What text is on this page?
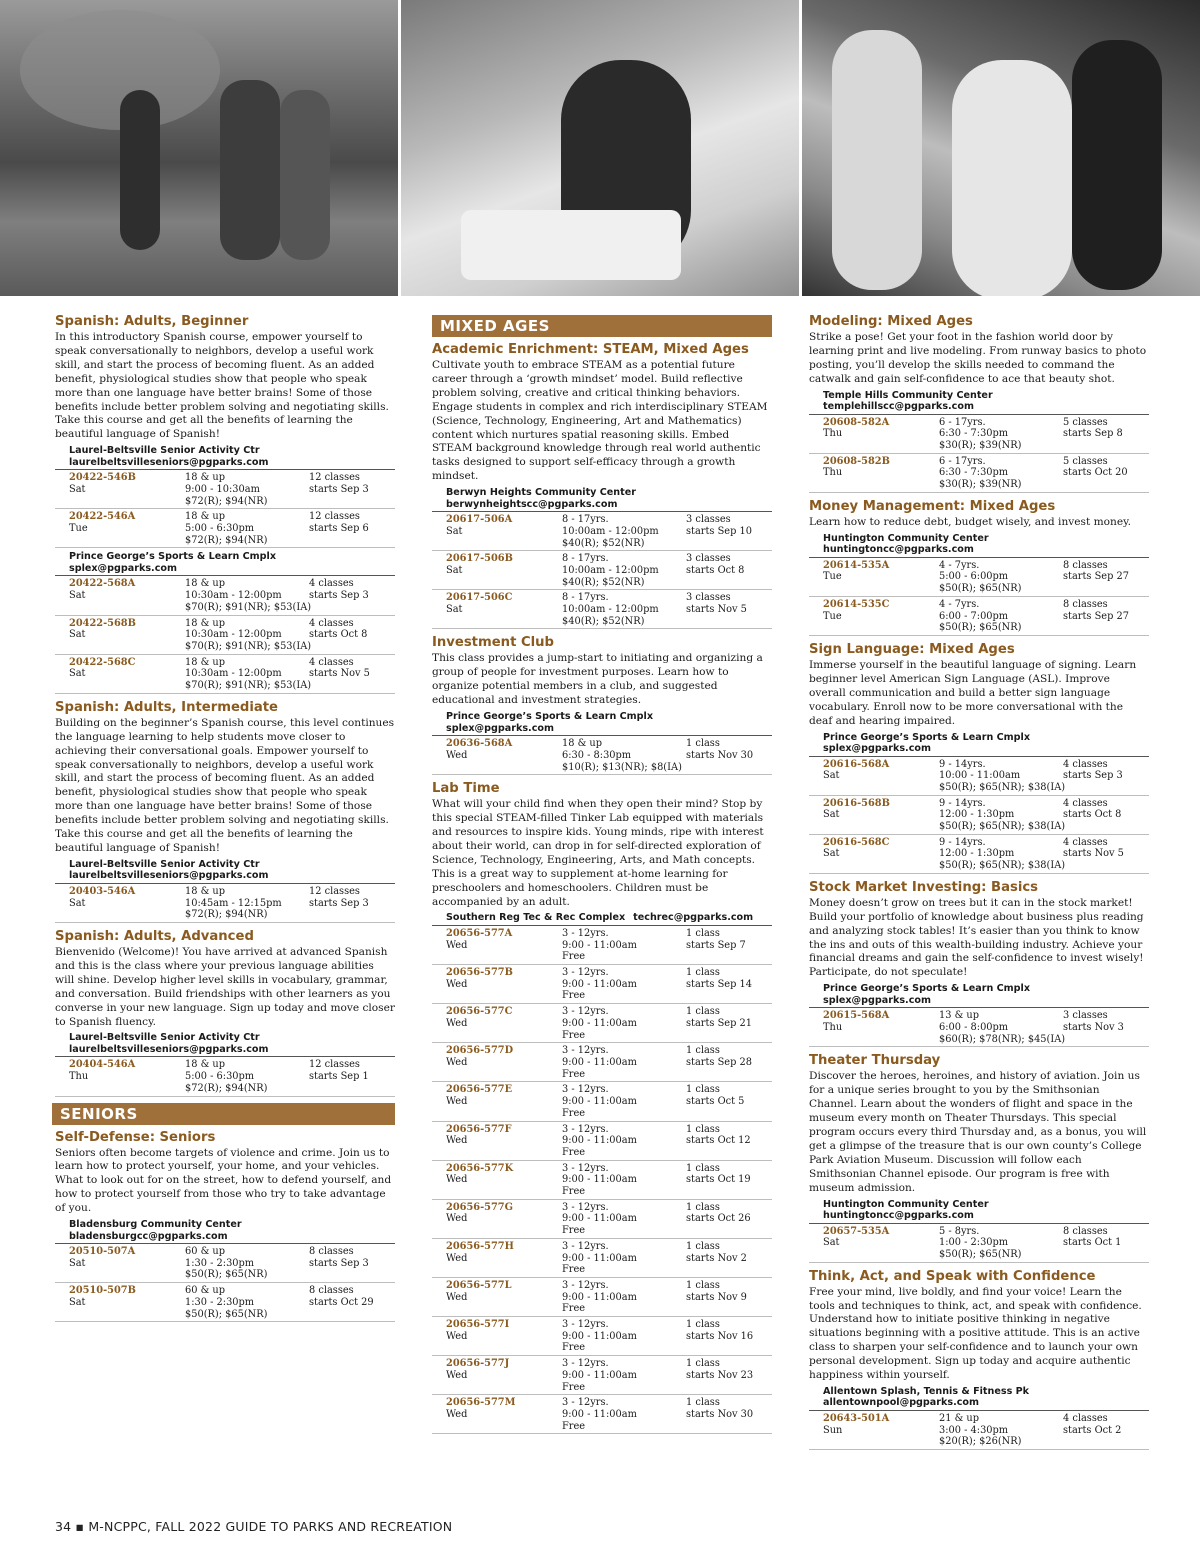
Spanish: Adults, Beginner
In this introductory Spanish course, empower yourself to speak conversationally to neighbors, develop a useful work skill, and start the process of becoming fluent. As an added benefit, physiological studies show that people who speak more than one language have better brains! Some of those benefits include better problem solving and negotiating skills. Take this course and get all the benefits of learning the beautiful language of Spanish!
Laurel-Beltsville Senior Activity Ctr
laurelbeltsvilleseniors@pgparks.com
20422-546B	18 & up	12 classes
Sat	9:00 - 10:30am	starts Sep 3
$72(R); $94(NR)
20422-546A	18 & up	12 classes
Tue	5:00 - 6:30pm	starts Sep 6
$72(R); $94(NR)
Prince George’s Sports & Learn Cmplx
splex@pgparks.com
20422-568A	18 & up	4 classes
Sat	10:30am - 12:00pm	starts Sep 3
$70(R); $91(NR); $53(IA)
20422-568B	18 & up	4 classes
Sat	10:30am - 12:00pm	starts Oct 8
$70(R); $91(NR); $53(IA)
20422-568C	18 & up	4 classes
Sat	10:30am - 12:00pm	starts Nov 5
$70(R); $91(NR); $53(IA)
Spanish: Adults, Intermediate
Building on the beginner’s Spanish course, this level continues the language learning to help students move closer to achieving their conversational goals. Empower yourself to speak conversationally to neighbors, develop a useful work skill, and start the process of becoming fluent. As an added benefit, physiological studies show that people who speak more than one language have better brains! Some of those benefits include better problem solving and negotiating skills. Take this course and get all the benefits of learning the beautiful language of Spanish!
Laurel-Beltsville Senior Activity Ctr
laurelbeltsvilleseniors@pgparks.com
20403-546A	18 & up	12 classes
Sat	10:45am - 12:15pm	starts Sep 3
$72(R); $94(NR)
Spanish: Adults, Advanced
Bienvenido (Welcome)! You have arrived at advanced Spanish and this is the class where your previous language abilities will shine. Develop higher level skills in vocabulary, grammar, and conversation. Build friendships with other learners as you converse in your new language. Sign up today and move closer to Spanish fluency.
Laurel-Beltsville Senior Activity Ctr
laurelbeltsvilleseniors@pgparks.com
20404-546A	18 & up	12 classes
Thu	5:00 - 6:30pm	starts Sep 1
$72(R); $94(NR)
SENIORS
Self-Defense: Seniors
Seniors often become targets of violence and crime. Join us to learn how to protect yourself, your home, and your vehicles. What to look out for on the street, how to defend yourself, and how to protect yourself from those who try to take advantage of you.
Bladensburg Community Center
bladensburgcc@pgparks.com
20510-507A	60 & up	8 classes
Sat	1:30 - 2:30pm	starts Sep 3
$50(R); $65(NR)
20510-507B	60 & up	8 classes
Sat	1:30 - 2:30pm	starts Oct 29
$50(R); $65(NR)
MIXED AGES
Academic Enrichment: STEAM, Mixed Ages
Cultivate youth to embrace STEAM as a potential future career through a ‘growth mindset’ model. Build reflective problem solving, creative and critical thinking behaviors. Engage students in complex and rich interdisciplinary STEAM (Science, Technology, Engineering, Art and Mathematics) content which nurtures spatial reasoning skills. Embed STEAM background knowledge through real world authentic tasks designed to support self-efficacy through a growth mindset.
Berwyn Heights Community Center
berwynheightscc@pgparks.com
20617-506A	8 - 17yrs.	3 classes
Sat	10:00am - 12:00pm	starts Sep 10
$40(R); $52(NR)
20617-506B	8 - 17yrs.	3 classes
Sat	10:00am - 12:00pm	starts Oct 8
$40(R); $52(NR)
20617-506C	8 - 17yrs.	3 classes
Sat	10:00am - 12:00pm	starts Nov 5
$40(R); $52(NR)
Investment Club
This class provides a jump-start to initiating and organizing a group of people for investment purposes. Learn how to organize potential members in a club, and suggested educational and investment strategies.
Prince George’s Sports & Learn Cmplx
splex@pgparks.com
20636-568A	18 & up	1 class
Wed	6:30 - 8:30pm	starts Nov 30
$10(R); $13(NR); $8(IA)
Lab Time
What will your child find when they open their mind? Stop by this special STEAM-filled Tinker Lab equipped with materials and resources to inspire kids. Young minds, ripe with interest about their world, can drop in for self-directed exploration of Science, Technology, Engineering, Arts, and Math concepts. This is a great way to supplement at-home learning for preschoolers and homeschoolers. Children must be accompanied by an adult.
Southern Reg Tec & Rec Complex techrec@pgparks.com
20656-577A	3 - 12yrs.	1 class
Wed	9:00 - 11:00am	starts Sep 7
Free
20656-577B	3 - 12yrs.	1 class
Wed	9:00 - 11:00am	starts Sep 14
Free
20656-577C	3 - 12yrs.	1 class
Wed	9:00 - 11:00am	starts Sep 21
Free
20656-577D	3 - 12yrs.	1 class
Wed	9:00 - 11:00am	starts Sep 28
Free
20656-577E	3 - 12yrs.	1 class
Wed	9:00 - 11:00am	starts Oct 5
Free
20656-577F	3 - 12yrs.	1 class
Wed	9:00 - 11:00am	starts Oct 12
Free
20656-577K	3 - 12yrs.	1 class
Wed	9:00 - 11:00am	starts Oct 19
Free
20656-577G	3 - 12yrs.	1 class
Wed	9:00 - 11:00am	starts Oct 26
Free
20656-577H	3 - 12yrs.	1 class
Wed	9:00 - 11:00am	starts Nov 2
Free
20656-577L	3 - 12yrs.	1 class
Wed	9:00 - 11:00am	starts Nov 9
Free
20656-577I	3 - 12yrs.	1 class
Wed	9:00 - 11:00am	starts Nov 16
Free
20656-577J	3 - 12yrs.	1 class
Wed	9:00 - 11:00am	starts Nov 23
Free
20656-577M	3 - 12yrs.	1 class
Wed	9:00 - 11:00am	starts Nov 30
Free
Modeling: Mixed Ages
Strike a pose! Get your foot in the fashion world door by learning print and live modeling. From runway basics to photo posting, you’ll develop the skills needed to command the catwalk and gain self-confidence to ace that beauty shot.
Temple Hills Community Center
templehillscc@pgparks.com
20608-582A	6 - 17yrs.	5 classes
Thu	6:30 - 7:30pm	starts Sep 8
$30(R); $39(NR)
20608-582B	6 - 17yrs.	5 classes
Thu	6:30 - 7:30pm	starts Oct 20
$30(R); $39(NR)
Money Management: Mixed Ages
Learn how to reduce debt, budget wisely, and invest money.
Huntington Community Center
huntingtoncc@pgparks.com
20614-535A	4 - 7yrs.	8 classes
Tue	5:00 - 6:00pm	starts Sep 27
$50(R); $65(NR)
20614-535C	4 - 7yrs.	8 classes
Tue	6:00 - 7:00pm	starts Sep 27
$50(R); $65(NR)
Sign Language: Mixed Ages
Immerse yourself in the beautiful language of signing. Learn beginner level American Sign Language (ASL). Improve overall communication and build a better sign language vocabulary. Enroll now to be more conversational with the deaf and hearing impaired.
Prince George’s Sports & Learn Cmplx
splex@pgparks.com
20616-568A	9 - 14yrs.	4 classes
Sat	10:00 - 11:00am	starts Sep 3
$50(R); $65(NR); $38(IA)
20616-568B	9 - 14yrs.	4 classes
Sat	12:00 - 1:30pm	starts Oct 8
$50(R); $65(NR); $38(IA)
20616-568C	9 - 14yrs.	4 classes
Sat	12:00 - 1:30pm	starts Nov 5
$50(R); $65(NR); $38(IA)
Stock Market Investing: Basics
Money doesn’t grow on trees but it can in the stock market! Build your portfolio of knowledge about business plus reading and analyzing stock tables! It’s easier than you think to know the ins and outs of this wealth-building industry. Achieve your financial dreams and gain the self-confidence to invest wisely! Participate, do not speculate!
Prince George’s Sports & Learn Cmplx
splex@pgparks.com
20615-568A	13 & up	3 classes
Thu	6:00 - 8:00pm	starts Nov 3
$60(R); $78(NR); $45(IA)
Theater Thursday
Discover the heroes, heroines, and history of aviation. Join us for a unique series brought to you by the Smithsonian Channel. Learn about the wonders of flight and space in the museum every month on Theater Thursdays. This special program occurs every third Thursday and, as a bonus, you will get a glimpse of the treasure that is our own county’s College Park Aviation Museum. Discussion will follow each Smithsonian Channel episode. Our program is free with museum admission.
Huntington Community Center
huntingtoncc@pgparks.com
20657-535A	5 - 8yrs.	8 classes
Sat	1:00 - 2:30pm	starts Oct 1
$50(R); $65(NR)
Think, Act, and Speak with Confidence
Free your mind, live boldly, and find your voice! Learn the tools and techniques to think, act, and speak with confidence. Understand how to initiate positive thinking in negative situations beginning with a positive attitude. This is an active class to sharpen your self-confidence and to launch your own personal development. Sign up today and acquire authentic happiness within yourself.
Allentown Splash, Tennis & Fitness Pk
allentownpool@pgparks.com
20643-501A	21 & up	4 classes
Sun	3:00 - 4:30pm	starts Oct 2
$20(R); $26(NR)
34 ▪ M-NCPPC, FALL 2022 GUIDE TO PARKS AND RECREATION
